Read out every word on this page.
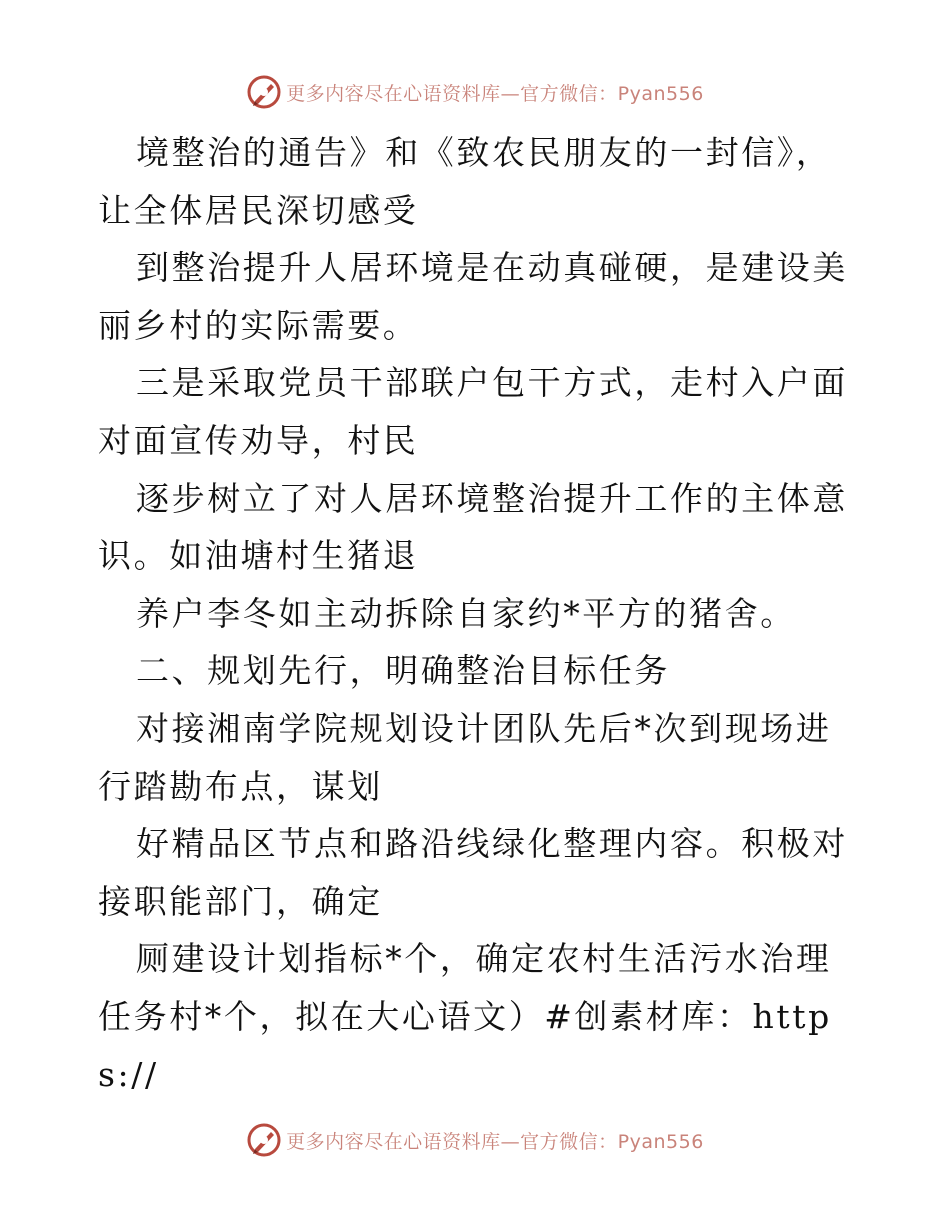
更多内容尽在心语资料库—官方微信：Pyan556

境整治的通告》和《致农民朋友的一封信》，让全体居民深切感受

到整治提升人居环境是在动真碰硬，是建设美丽乡村的实际需要。

三是采取党员干部联户包干方式，走村入户面对面宣传劝导，村民

逐步树立了对人居环境整治提升工作的主体意识。如油塘村生猪退

养户李冬如主动拆除自家约*平方的猪舍。

二、规划先行，明确整治目标任务

对接湘南学院规划设计团队先后*次到现场进行踏勘布点，谋划

好精品区节点和路沿线绿化整理内容。积极对接职能部门，确定

厕建设计划指标*个，确定农村生活污水治理任务村*个，拟在大心语文）#创素材库：https://

更多内容尽在心语资料库—官方微信：Pyan556
